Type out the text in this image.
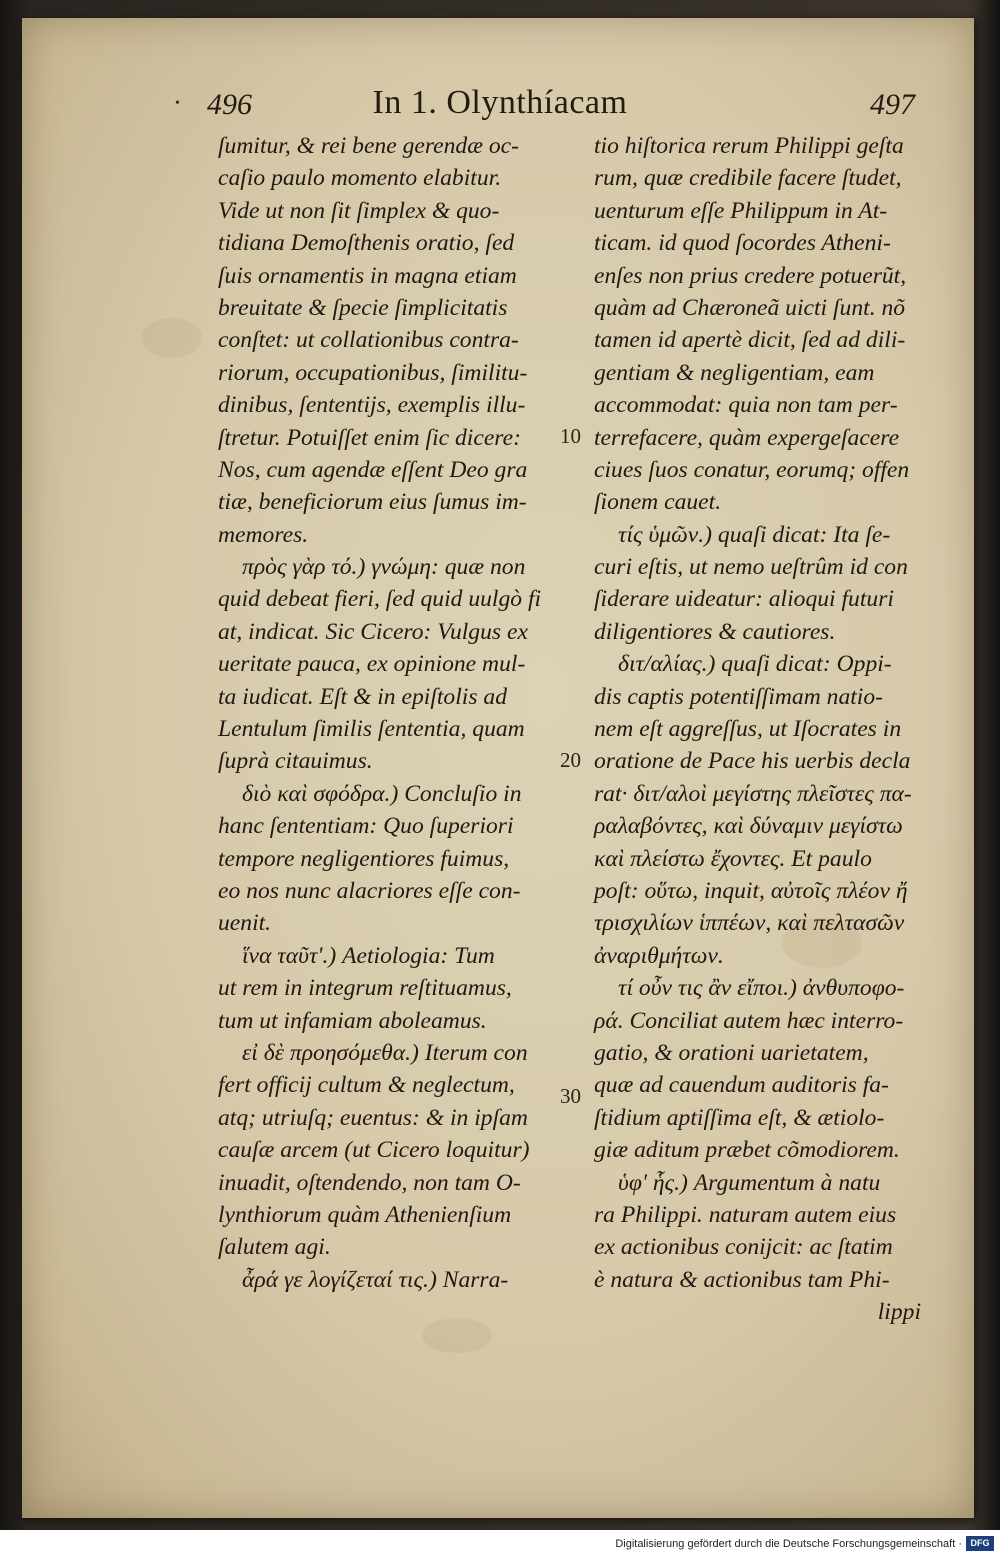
• 496	In 1. Olynthíacam	497
ſumitur, & rei bene gerendæ oc-
caſio paulo momento elabitur.
Vide ut non ſit ſimplex & quo-
tidiana Demoſthenis oratio, ſed
ſuis ornamentis in magna etiam
breuitate & ſpecie ſimplicitatis
conſtet: ut collationibus contra-
riorum, occupationibus, ſimilitu-
dinibus, ſententijs, exemplis illu-
ſtretur. Potuiſſet enim ſic dicere:
Nos, cum agendæ eſſent Deo gra
tiæ, beneficiorum eius ſumus im-
memores.
πρὸς γὰρ τό.) γνώμη: quæ non
quid debeat fieri, ſed quid uulgò fi
at, indicat. Sic Cicero: Vulgus ex
ueritate pauca, ex opinione mul-
ta iudicat. Eſt & in epiſtolis ad
Lentulum ſimilis ſententia, quam
ſuprà citauimus.
διὸ καὶ σφόδρα.) Concluſio in
hanc ſententiam: Quo ſuperiori
tempore negligentiores fuimus,
eo nos nunc alacriores eſſe con-
uenit.
ἵνα ταῦτ'.) Aetiologia: Tum
ut rem in integrum reſtituamus,
tum ut infamiam aboleamus.
εἰ δὲ προησόμεθα.) Iterum con
fert officij cultum & neglectum,
atq; utriuſq; euentus: & in ipſam
cauſæ arcem (ut Cicero loquitur)
inuadit, oſtendendo, non tam O-
lynthiorum quàm Athenienſium
ſalutem agi.
ἆρά γε λογίζεταί τις.) Narra-
10
20
30
tio hiſtorica rerum Philippi geſta
rum, quæ credibile facere ſtudet,
uenturum eſſe Philippum in At-
ticam. id quod ſocordes Atheni-
enſes non prius credere potuerũt,
quàm ad Chæroneã uicti ſunt. nõ
tamen id apertè dicit, ſed ad dili-
gentiam & negligentiam, eam
accommodat: quia non tam per-
terrefacere, quàm expergeſacere
ciues ſuos conatur, eorumq; offen
ſionem cauet.
τίς ὑμῶν.) quaſi dicat: Ita ſe-
curi eſtis, ut nemo ueſtrûm id con
ſiderare uideatur: alioqui futuri
diligentiores & cautiores.
διτ/αλίας.) quaſi dicat: Oppi-
dis captis potentiſſimam natio-
nem eſt aggreſſus, ut Iſocrates in
oratione de Pace his uerbis decla
rat· διτ/αλοὶ μεγίστης πλεῖστες πα-
ραλαβόντες, καὶ δύναμιν μεγίστω
καὶ πλείστω ἔχοντες. Et paulo
poſt: οὕτω, inquit, αὐτοῖς πλέον ἤ
τρισχιλίων ἱππέων, καὶ πελτασῶν
ἀναριθμήτων.
τί οὖν τις ἂν εἴποι.) ἀνθυποφο-
ρά. Conciliat autem hæc interro-
gatio, & orationi uarietatem,
quæ ad cauendum auditoris fa-
ſtidium aptiſſima eſt, & ætiolo-
giæ aditum præbet cõmodiorem.
ὑφ' ἧς.) Argumentum à natu
ra Philippi. naturam autem eius
ex actionibus conijcit: ac ſtatim
è natura & actionibus tam Phi-
lippi
Digitalisierung gefördert durch die Deutsche Forschungsgemeinschaft · DFG
